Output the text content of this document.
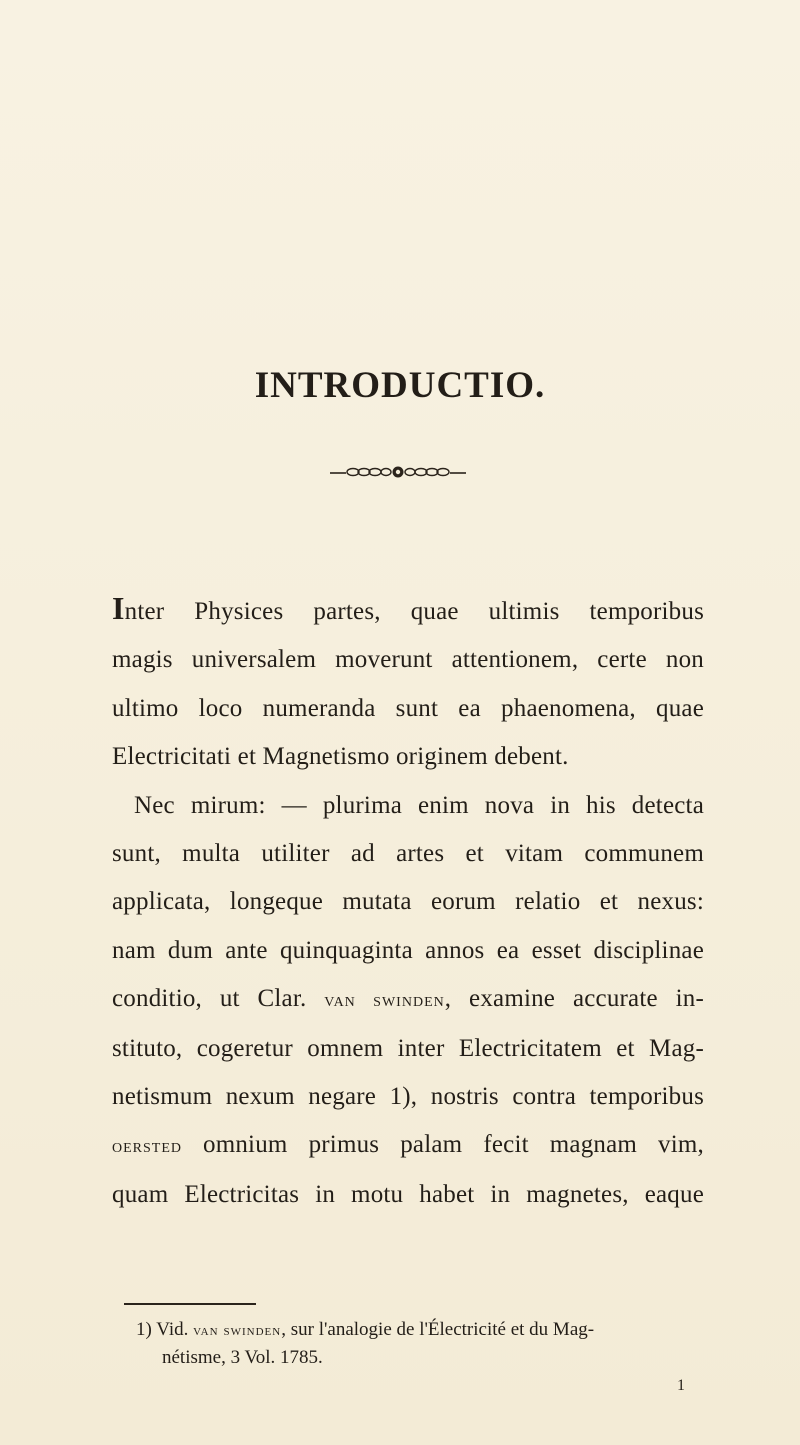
INTRODUCTIO.
Inter Physices partes, quae ultimis temporibus
magis universalem moverunt attentionem, certe non
ultimo loco numeranda sunt ea phaenomena, quae
Electricitati et Magnetismo originem debent.
Nec mirum: — plurima enim nova in his detecta
sunt, multa utiliter ad artes et vitam communem
applicata, longeque mutata eorum relatio et nexus:
nam dum ante quinquaginta annos ea esset disciplinae
conditio, ut Clar. van swinden, examine accurate in-
stituto, cogeretur omnem inter Electricitatem et Mag-
netismum nexum negare 1), nostris contra temporibus
oersted omnium primus palam fecit magnam vim,
quam Electricitas in motu habet in magnetes, eaque
1) Vid. van swinden, sur l'analogie de l'Électricité et du Mag-
nétisme, 3 Vol. 1785.
1
